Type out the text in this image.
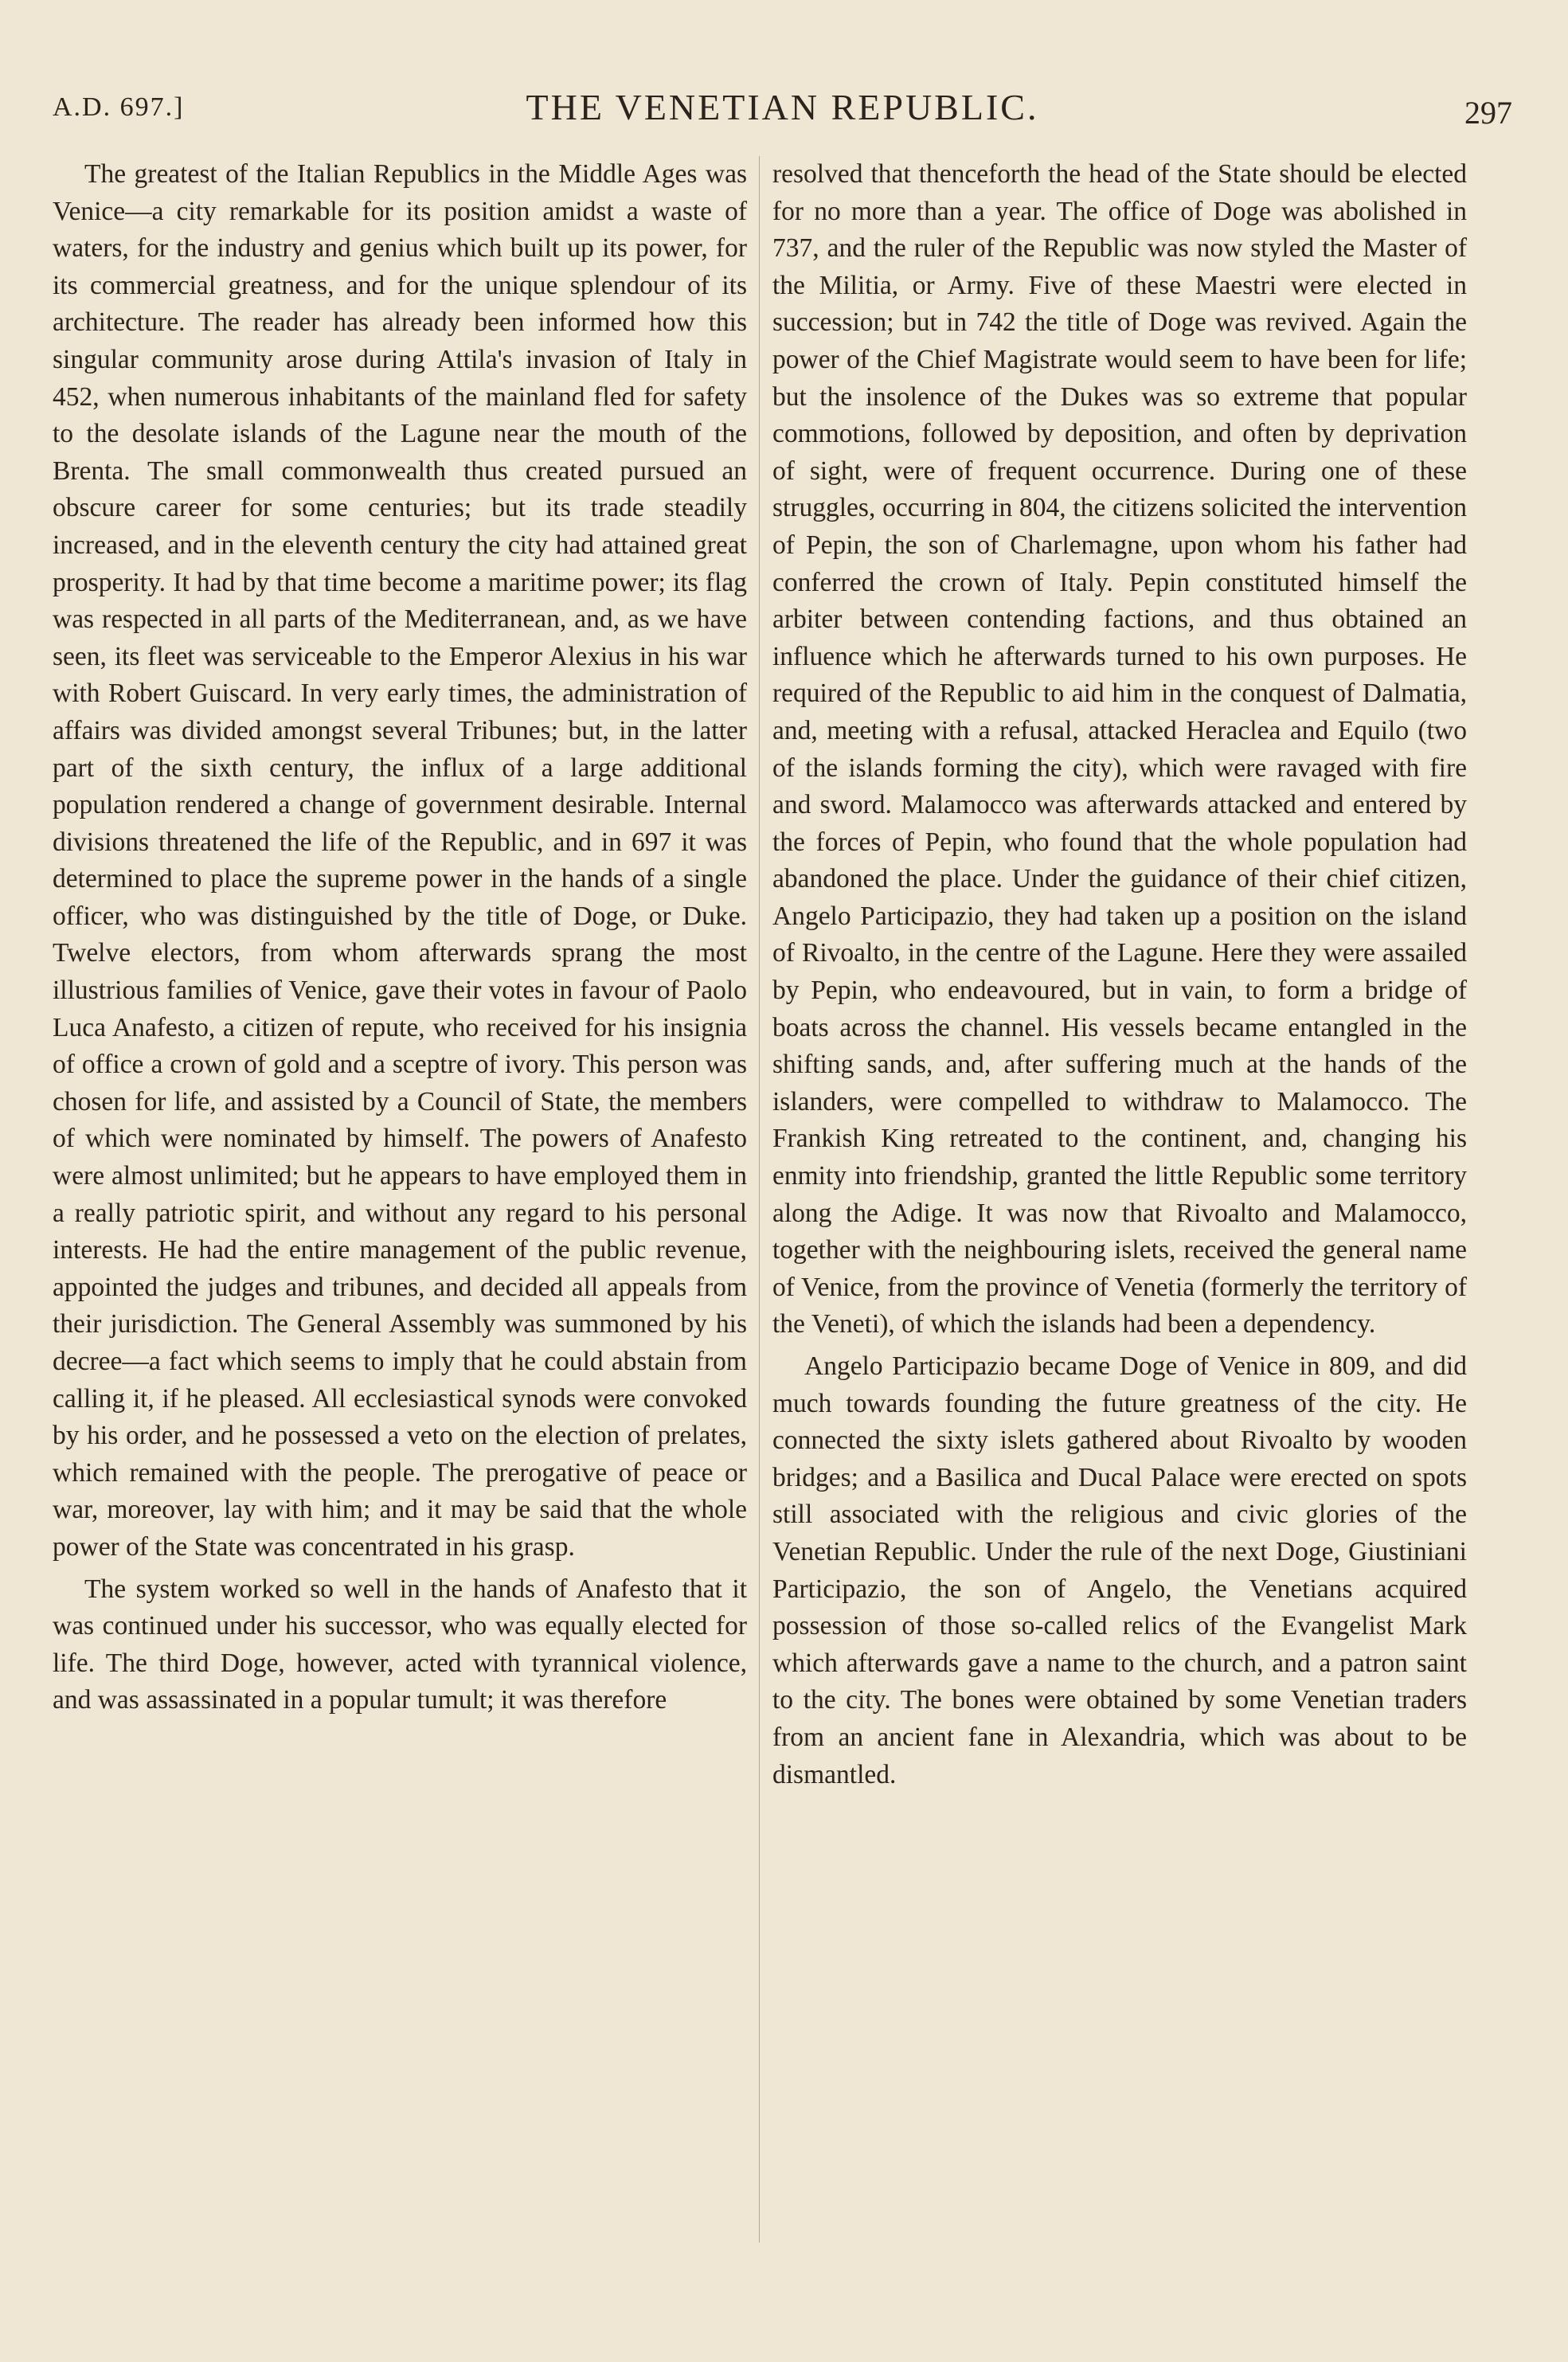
A.D. 697.]	THE VENETIAN REPUBLIC.	297

The greatest of the Italian Republics in the Middle Ages was Venice—a city remarkable for its position amidst a waste of waters, for the industry and genius which built up its power, for its commercial greatness, and for the unique splendour of its architecture. The reader has already been informed how this singular community arose during Attila's invasion of Italy in 452, when numerous inhabitants of the mainland fled for safety to the desolate islands of the Lagune near the mouth of the Brenta. The small commonwealth thus created pursued an obscure career for some centuries; but its trade steadily increased, and in the eleventh century the city had attained great prosperity. It had by that time become a maritime power; its flag was respected in all parts of the Mediterranean, and, as we have seen, its fleet was serviceable to the Emperor Alexius in his war with Robert Guiscard. In very early times, the administration of affairs was divided amongst several Tribunes; but, in the latter part of the sixth century, the influx of a large additional population rendered a change of government desirable. Internal divisions threatened the life of the Republic, and in 697 it was determined to place the supreme power in the hands of a single officer, who was distinguished by the title of Doge, or Duke. Twelve electors, from whom afterwards sprang the most illustrious families of Venice, gave their votes in favour of Paolo Luca Anafesto, a citizen of repute, who received for his insignia of office a crown of gold and a sceptre of ivory. This person was chosen for life, and assisted by a Council of State, the members of which were nominated by himself. The powers of Anafesto were almost unlimited; but he appears to have employed them in a really patriotic spirit, and without any regard to his personal interests. He had the entire management of the public revenue, appointed the judges and tribunes, and decided all appeals from their jurisdiction. The General Assembly was summoned by his decree—a fact which seems to imply that he could abstain from calling it, if he pleased. All ecclesiastical synods were convoked by his order, and he possessed a veto on the election of prelates, which remained with the people. The prerogative of peace or war, moreover, lay with him; and it may be said that the whole power of the State was concentrated in his grasp.

The system worked so well in the hands of Anafesto that it was continued under his successor, who was equally elected for life. The third Doge, however, acted with tyrannical violence, and was assassinated in a popular tumult; it was therefore

resolved that thenceforth the head of the State should be elected for no more than a year. The office of Doge was abolished in 737, and the ruler of the Republic was now styled the Master of the Militia, or Army. Five of these Maestri were elected in succession; but in 742 the title of Doge was revived. Again the power of the Chief Magistrate would seem to have been for life; but the insolence of the Dukes was so extreme that popular commotions, followed by deposition, and often by deprivation of sight, were of frequent occurrence. During one of these struggles, occurring in 804, the citizens solicited the intervention of Pepin, the son of Charlemagne, upon whom his father had conferred the crown of Italy. Pepin constituted himself the arbiter between contending factions, and thus obtained an influence which he afterwards turned to his own purposes. He required of the Republic to aid him in the conquest of Dalmatia, and, meeting with a refusal, attacked Heraclea and Equilo (two of the islands forming the city), which were ravaged with fire and sword. Malamocco was afterwards attacked and entered by the forces of Pepin, who found that the whole population had abandoned the place. Under the guidance of their chief citizen, Angelo Participazio, they had taken up a position on the island of Rivoalto, in the centre of the Lagune. Here they were assailed by Pepin, who endeavoured, but in vain, to form a bridge of boats across the channel. His vessels became entangled in the shifting sands, and, after suffering much at the hands of the islanders, were compelled to withdraw to Malamocco. The Frankish King retreated to the continent, and, changing his enmity into friendship, granted the little Republic some territory along the Adige. It was now that Rivoalto and Malamocco, together with the neighbouring islets, received the general name of Venice, from the province of Venetia (formerly the territory of the Veneti), of which the islands had been a dependency.

Angelo Participazio became Doge of Venice in 809, and did much towards founding the future greatness of the city. He connected the sixty islets gathered about Rivoalto by wooden bridges; and a Basilica and Ducal Palace were erected on spots still associated with the religious and civic glories of the Venetian Republic. Under the rule of the next Doge, Giustiniani Participazio, the son of Angelo, the Venetians acquired possession of those so-called relics of the Evangelist Mark which afterwards gave a name to the church, and a patron saint to the city. The bones were obtained by some Venetian traders from an ancient fane in Alexandria, which was about to be dismantled.
